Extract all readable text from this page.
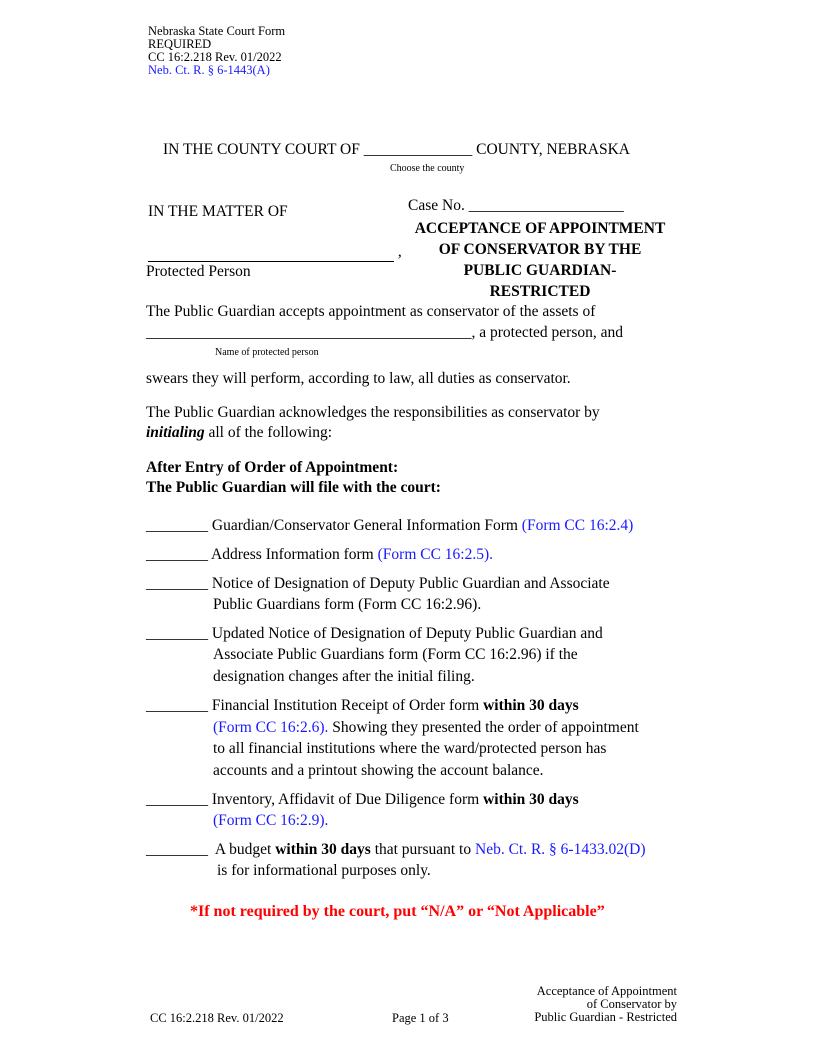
Nebraska State Court Form
REQUIRED
CC 16:2.218 Rev. 01/2022
Neb. Ct. R. § 6-1443(A)
IN THE COUNTY COURT OF ______________ COUNTY, NEBRASKA
Choose the county
IN THE MATTER OF	Case No. ____________________
ACCEPTANCE OF APPOINTMENT
OF CONSERVATOR BY THE
PUBLIC GUARDIAN-
RESTRICTED
,
Protected Person
The Public Guardian accepts appointment as conservator of the assets of
__________________________________________, a protected person, and
Name of protected person
swears they will perform, according to law, all duties as conservator.
The Public Guardian acknowledges the responsibilities as conservator by
initialing all of the following:
After Entry of Order of Appointment:
The Public Guardian will file with the court:
________ Guardian/Conservator General Information Form (Form CC 16:2.4)
________ Address Information form (Form CC 16:2.5).
________ Notice of Designation of Deputy Public Guardian and Associate
Public Guardians form (Form CC 16:2.96).
________ Updated Notice of Designation of Deputy Public Guardian and
Associate Public Guardians form (Form CC 16:2.96) if the
designation changes after the initial filing.
________ Financial Institution Receipt of Order form within 30 days
(Form CC 16:2.6). Showing they presented the order of appointment
to all financial institutions where the ward/protected person has
accounts and a printout showing the account balance.
________ Inventory, Affidavit of Due Diligence form within 30 days
(Form CC 16:2.9).
________ A budget within 30 days that pursuant to Neb. Ct. R. § 6-1433.02(D)
is for informational purposes only.
*If not required by the court, put “N/A” or “Not Applicable”
CC 16:2.218 Rev. 01/2022	Page 1 of 3
Acceptance of Appointment
of Conservator by
Public Guardian - Restricted
